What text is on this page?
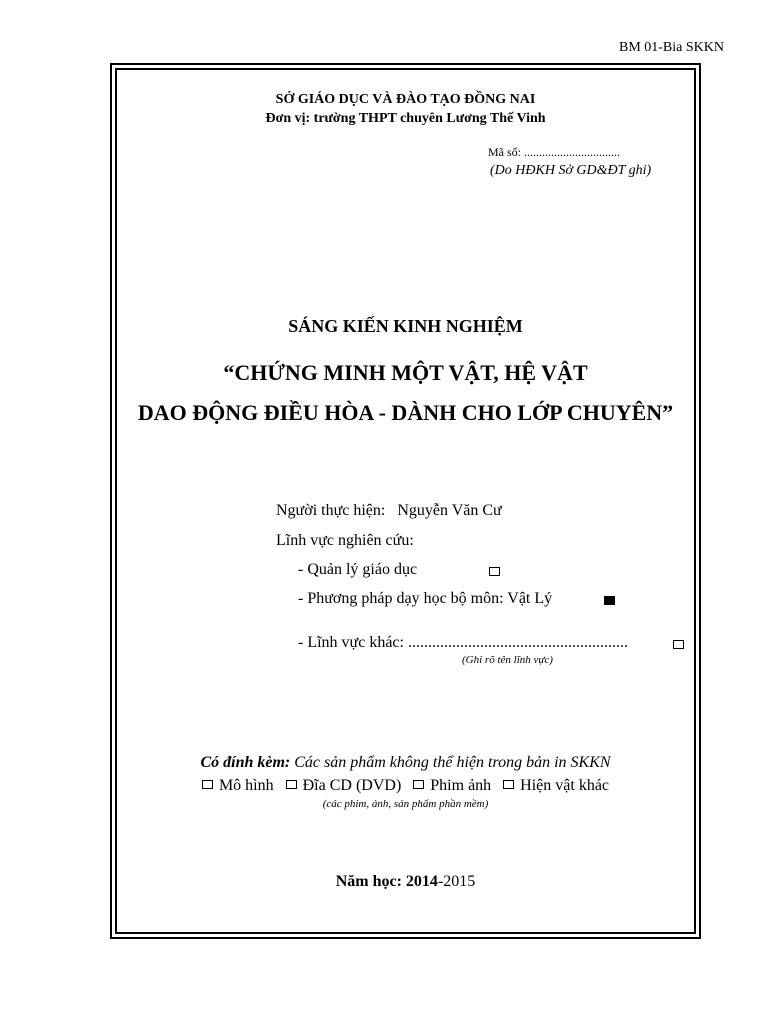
BM 01-Bia SKKN
SỞ GIÁO DỤC VÀ ĐÀO TẠO ĐỒNG NAI
Đơn vị: trường THPT chuyên Lương Thế Vinh
Mã số: ................................
(Do HĐKH Sở GD&ĐT ghi)
SÁNG KIẾN KINH NGHIỆM
“CHỨNG MINH MỘT VẬT, HỆ VẬT
DAO ĐỘNG ĐIỀU HÒA - DÀNH CHO LỚP CHUYÊN”
Người thực hiện: Nguyễn Văn Cư
Lĩnh vực nghiên cứu:
- Quản lý giáo dục
- Phương pháp dạy học bộ môn: Vật Lý
- Lĩnh vực khác: .......................................................
(Ghi rõ tên lĩnh vực)
Có đính kèm: Các sản phẩm không thể hiện trong bản in SKKN
Mô hình Đĩa CD (DVD) Phim ảnh Hiện vật khác
(các phim, ảnh, sản phẩm phần mềm)
Năm học: 2014-2015
